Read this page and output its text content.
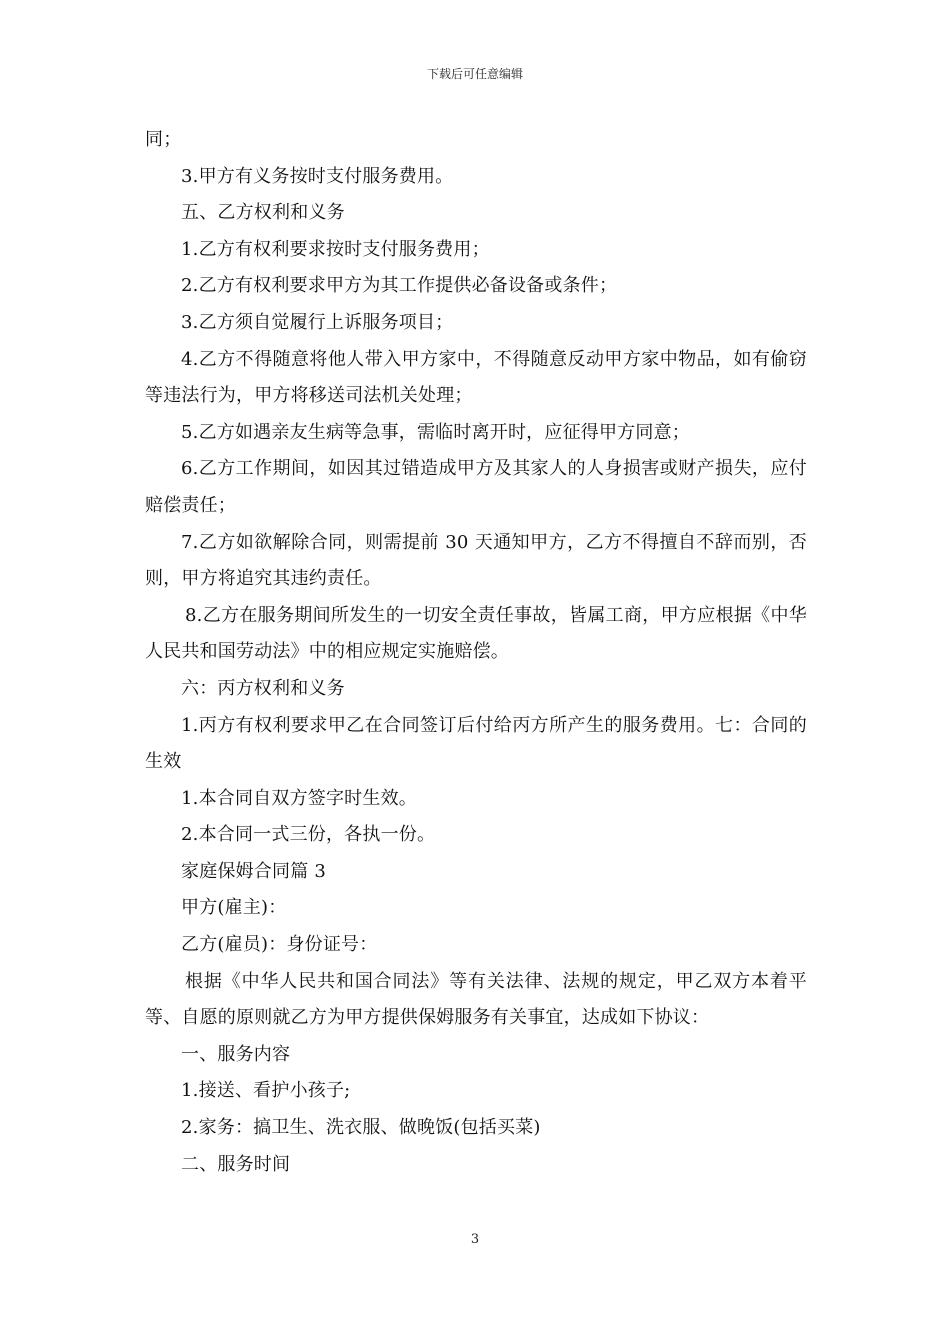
下载后可任意编辑

同；

3.甲方有义务按时支付服务费用。

五、乙方权利和义务

1.乙方有权利要求按时支付服务费用；

2.乙方有权利要求甲方为其工作提供必备设备或条件；

3.乙方须自觉履行上诉服务项目；

4.乙方不得随意将他人带入甲方家中，不得随意反动甲方家中物品，如有偷窃等违法行为，甲方将移送司法机关处理；

5.乙方如遇亲友生病等急事，需临时离开时，应征得甲方同意；

6.乙方工作期间，如因其过错造成甲方及其家人的人身损害或财产损失，应付赔偿责任；

7.乙方如欲解除合同，则需提前 30 天通知甲方，乙方不得擅自不辞而别，否则，甲方将追究其违约责任。

8.乙方在服务期间所发生的一切安全责任事故，皆属工商，甲方应根据《中华人民共和国劳动法》中的相应规定实施赔偿。

六：丙方权利和义务

1.丙方有权利要求甲乙在合同签订后付给丙方所产生的服务费用。七：合同的生效

1.本合同自双方签字时生效。

2.本合同一式三份，各执一份。

家庭保姆合同篇 3

甲方(雇主)：

乙方(雇员)：身份证号：

根据《中华人民共和国合同法》等有关法律、法规的规定，甲乙双方本着平等、自愿的原则就乙方为甲方提供保姆服务有关事宜，达成如下协议：

一、服务内容

1.接送、看护小孩子;

2.家务：搞卫生、洗衣服、做晚饭(包括买菜)

二、服务时间

3
